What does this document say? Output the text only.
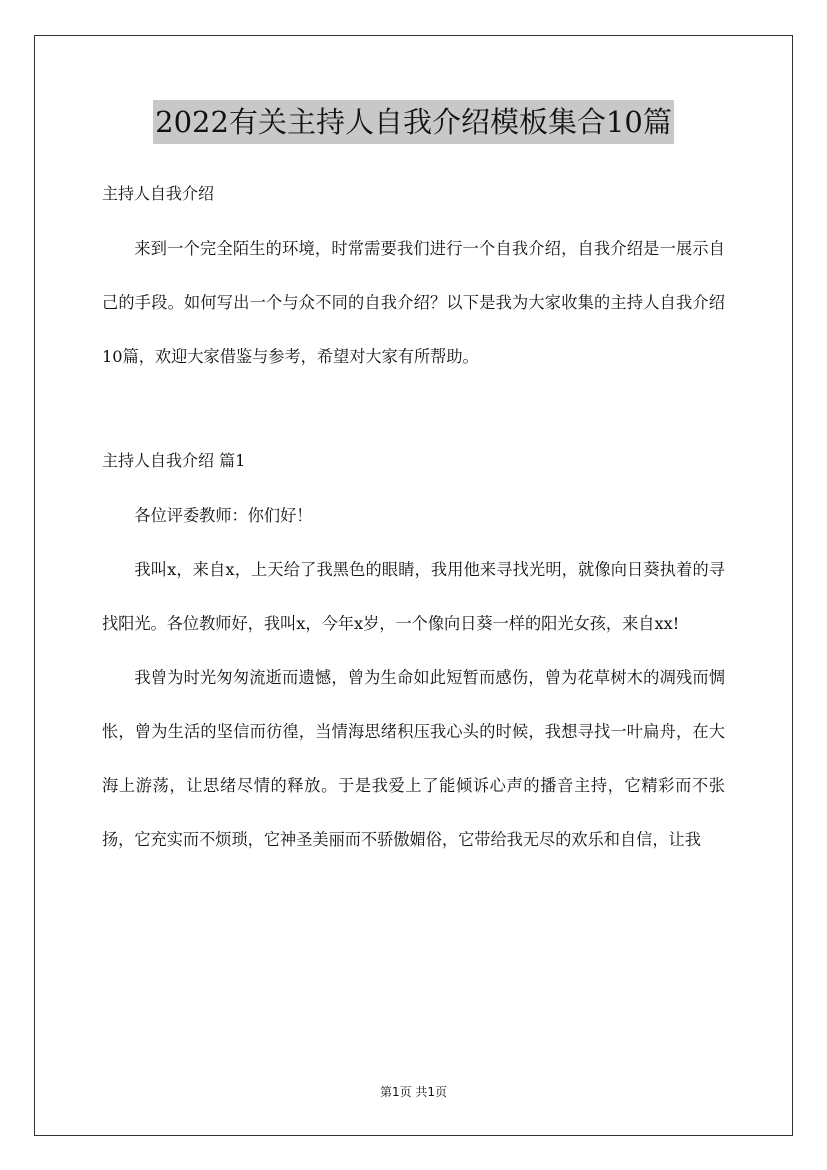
2022有关主持人自我介绍模板集合10篇

主持人自我介绍

来到一个完全陌生的环境，时常需要我们进行一个自我介绍，自我介绍是一展示自己的手段。如何写出一个与众不同的自我介绍？以下是我为大家收集的主持人自我介绍10篇，欢迎大家借鉴与参考，希望对大家有所帮助。

主持人自我介绍 篇1

各位评委教师：你们好！

我叫x，来自x，上天给了我黑色的眼睛，我用他来寻找光明，就像向日葵执着的寻找阳光。各位教师好，我叫x，今年x岁，一个像向日葵一样的阳光女孩，来自xx!

我曾为时光匆匆流逝而遗憾，曾为生命如此短暂而感伤，曾为花草树木的凋残而惆怅，曾为生活的坚信而彷徨，当情海思绪积压我心头的时候，我想寻找一叶扁舟，在大海上游荡，让思绪尽情的释放。于是我爱上了能倾诉心声的播音主持，它精彩而不张扬，它充实而不烦琐，它神圣美丽而不骄傲媚俗，它带给我无尽的欢乐和自信，让我

第1页 共1页
